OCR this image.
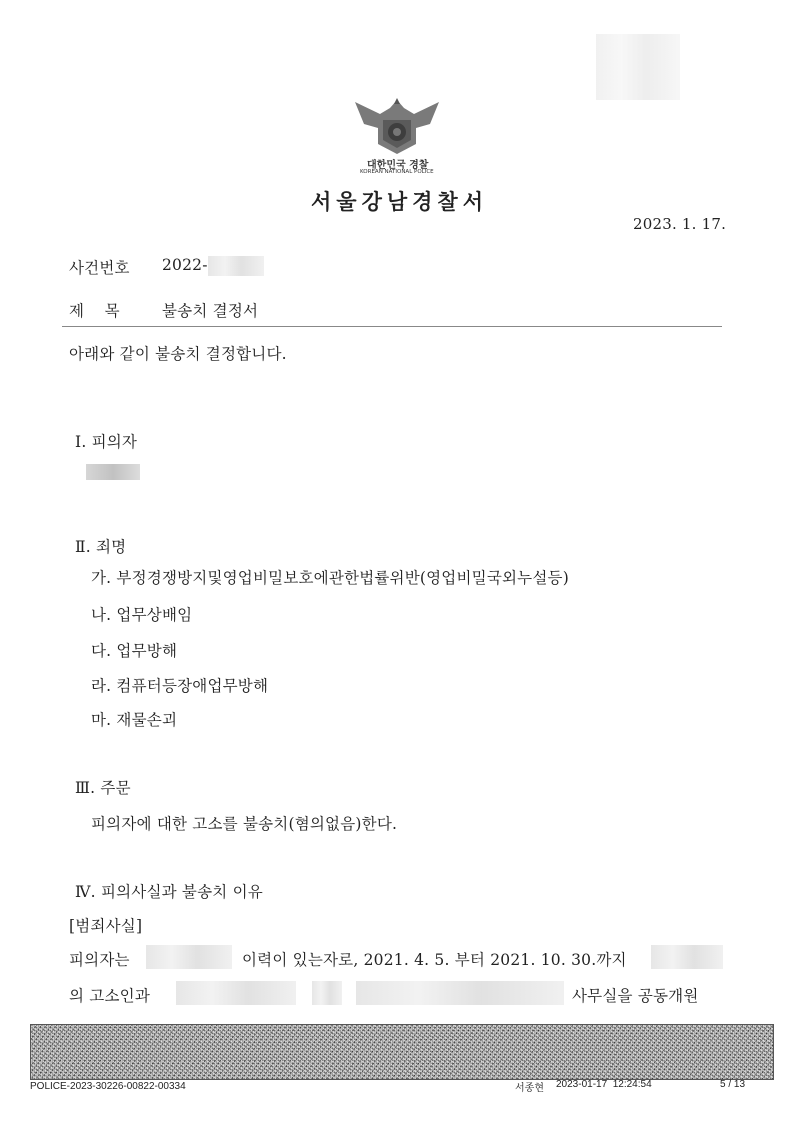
대한민국 경찰
KOREAN NATIONAL POLICE
서울강남경찰서
2023. 1. 17.
사건번호 2022-
제    목	불송치 결정서
아래와 같이 불송치 결정합니다.
Ⅰ. 피의자
Ⅱ. 죄명
가. 부정경쟁방지및영업비밀보호에관한법률위반(영업비밀국외누설등)
나. 업무상배임
다. 업무방해
라. 컴퓨터등장애업무방해
마. 재물손괴
Ⅲ. 주문
피의자에 대한 고소를 불송치(혐의없음)한다.
Ⅳ. 피의사실과 불송치 이유
[범죄사실]
피의자는	이력이 있는자로, 2021. 4. 5. 부터 2021. 10. 30.까지
의 고소인과	사무실을 공동개원
POLICE-2023-30226-00822-00334	서종현 2023-01-17  12:24:54	5 / 13
